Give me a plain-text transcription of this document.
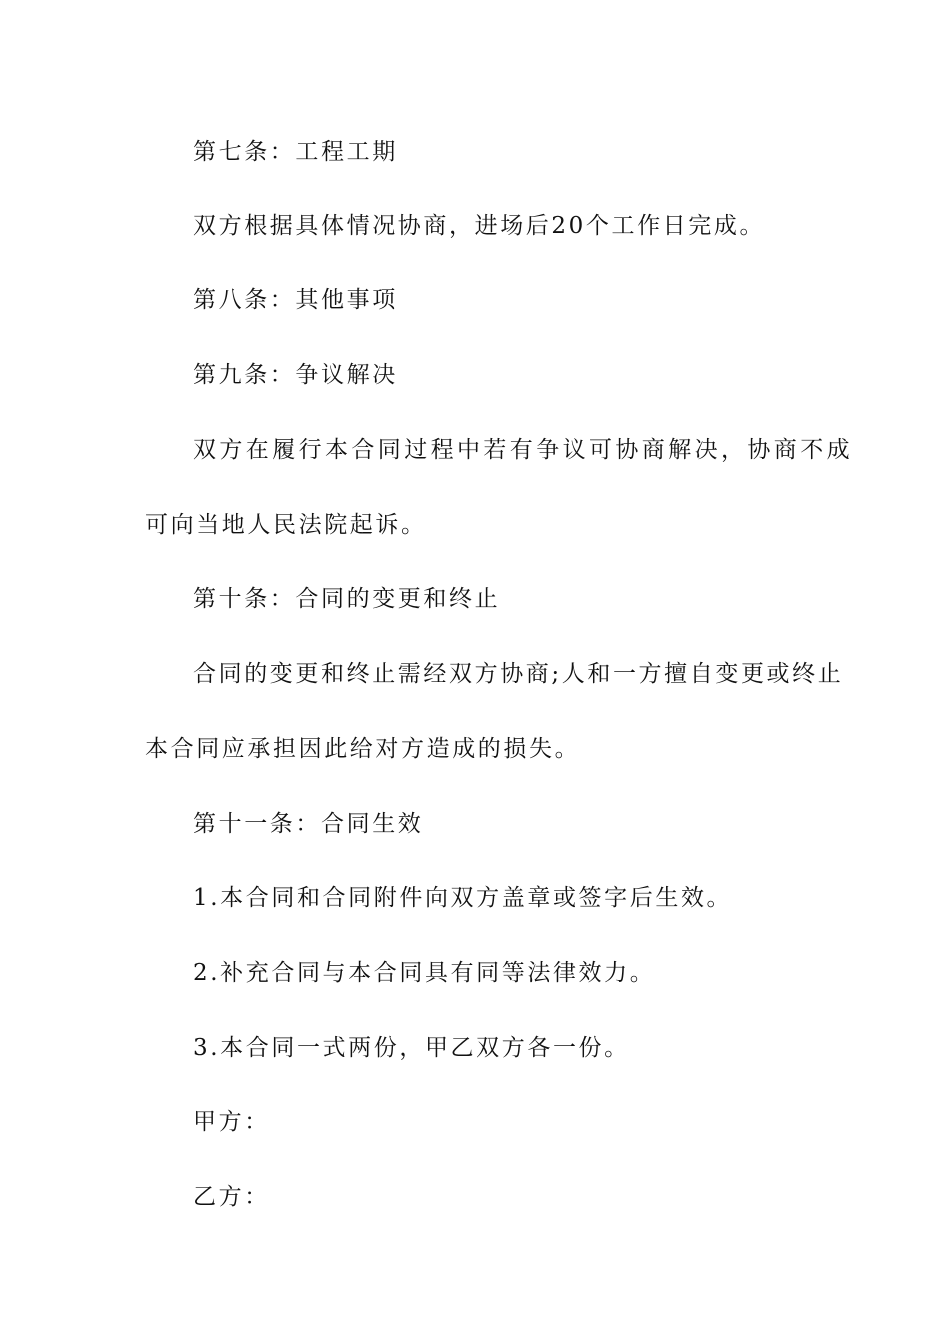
第七条：工程工期
双方根据具体情况协商，进场后20个工作日完成。
第八条：其他事项
第九条：争议解决
双方在履行本合同过程中若有争议可协商解决，协商不成
可向当地人民法院起诉。
第十条：合同的变更和终止
合同的变更和终止需经双方协商;人和一方擅自变更或终止
本合同应承担因此给对方造成的损失。
第十一条：合同生效
1.本合同和合同附件向双方盖章或签字后生效。
2.补充合同与本合同具有同等法律效力。
3.本合同一式两份，甲乙双方各一份。
甲方：
乙方：
